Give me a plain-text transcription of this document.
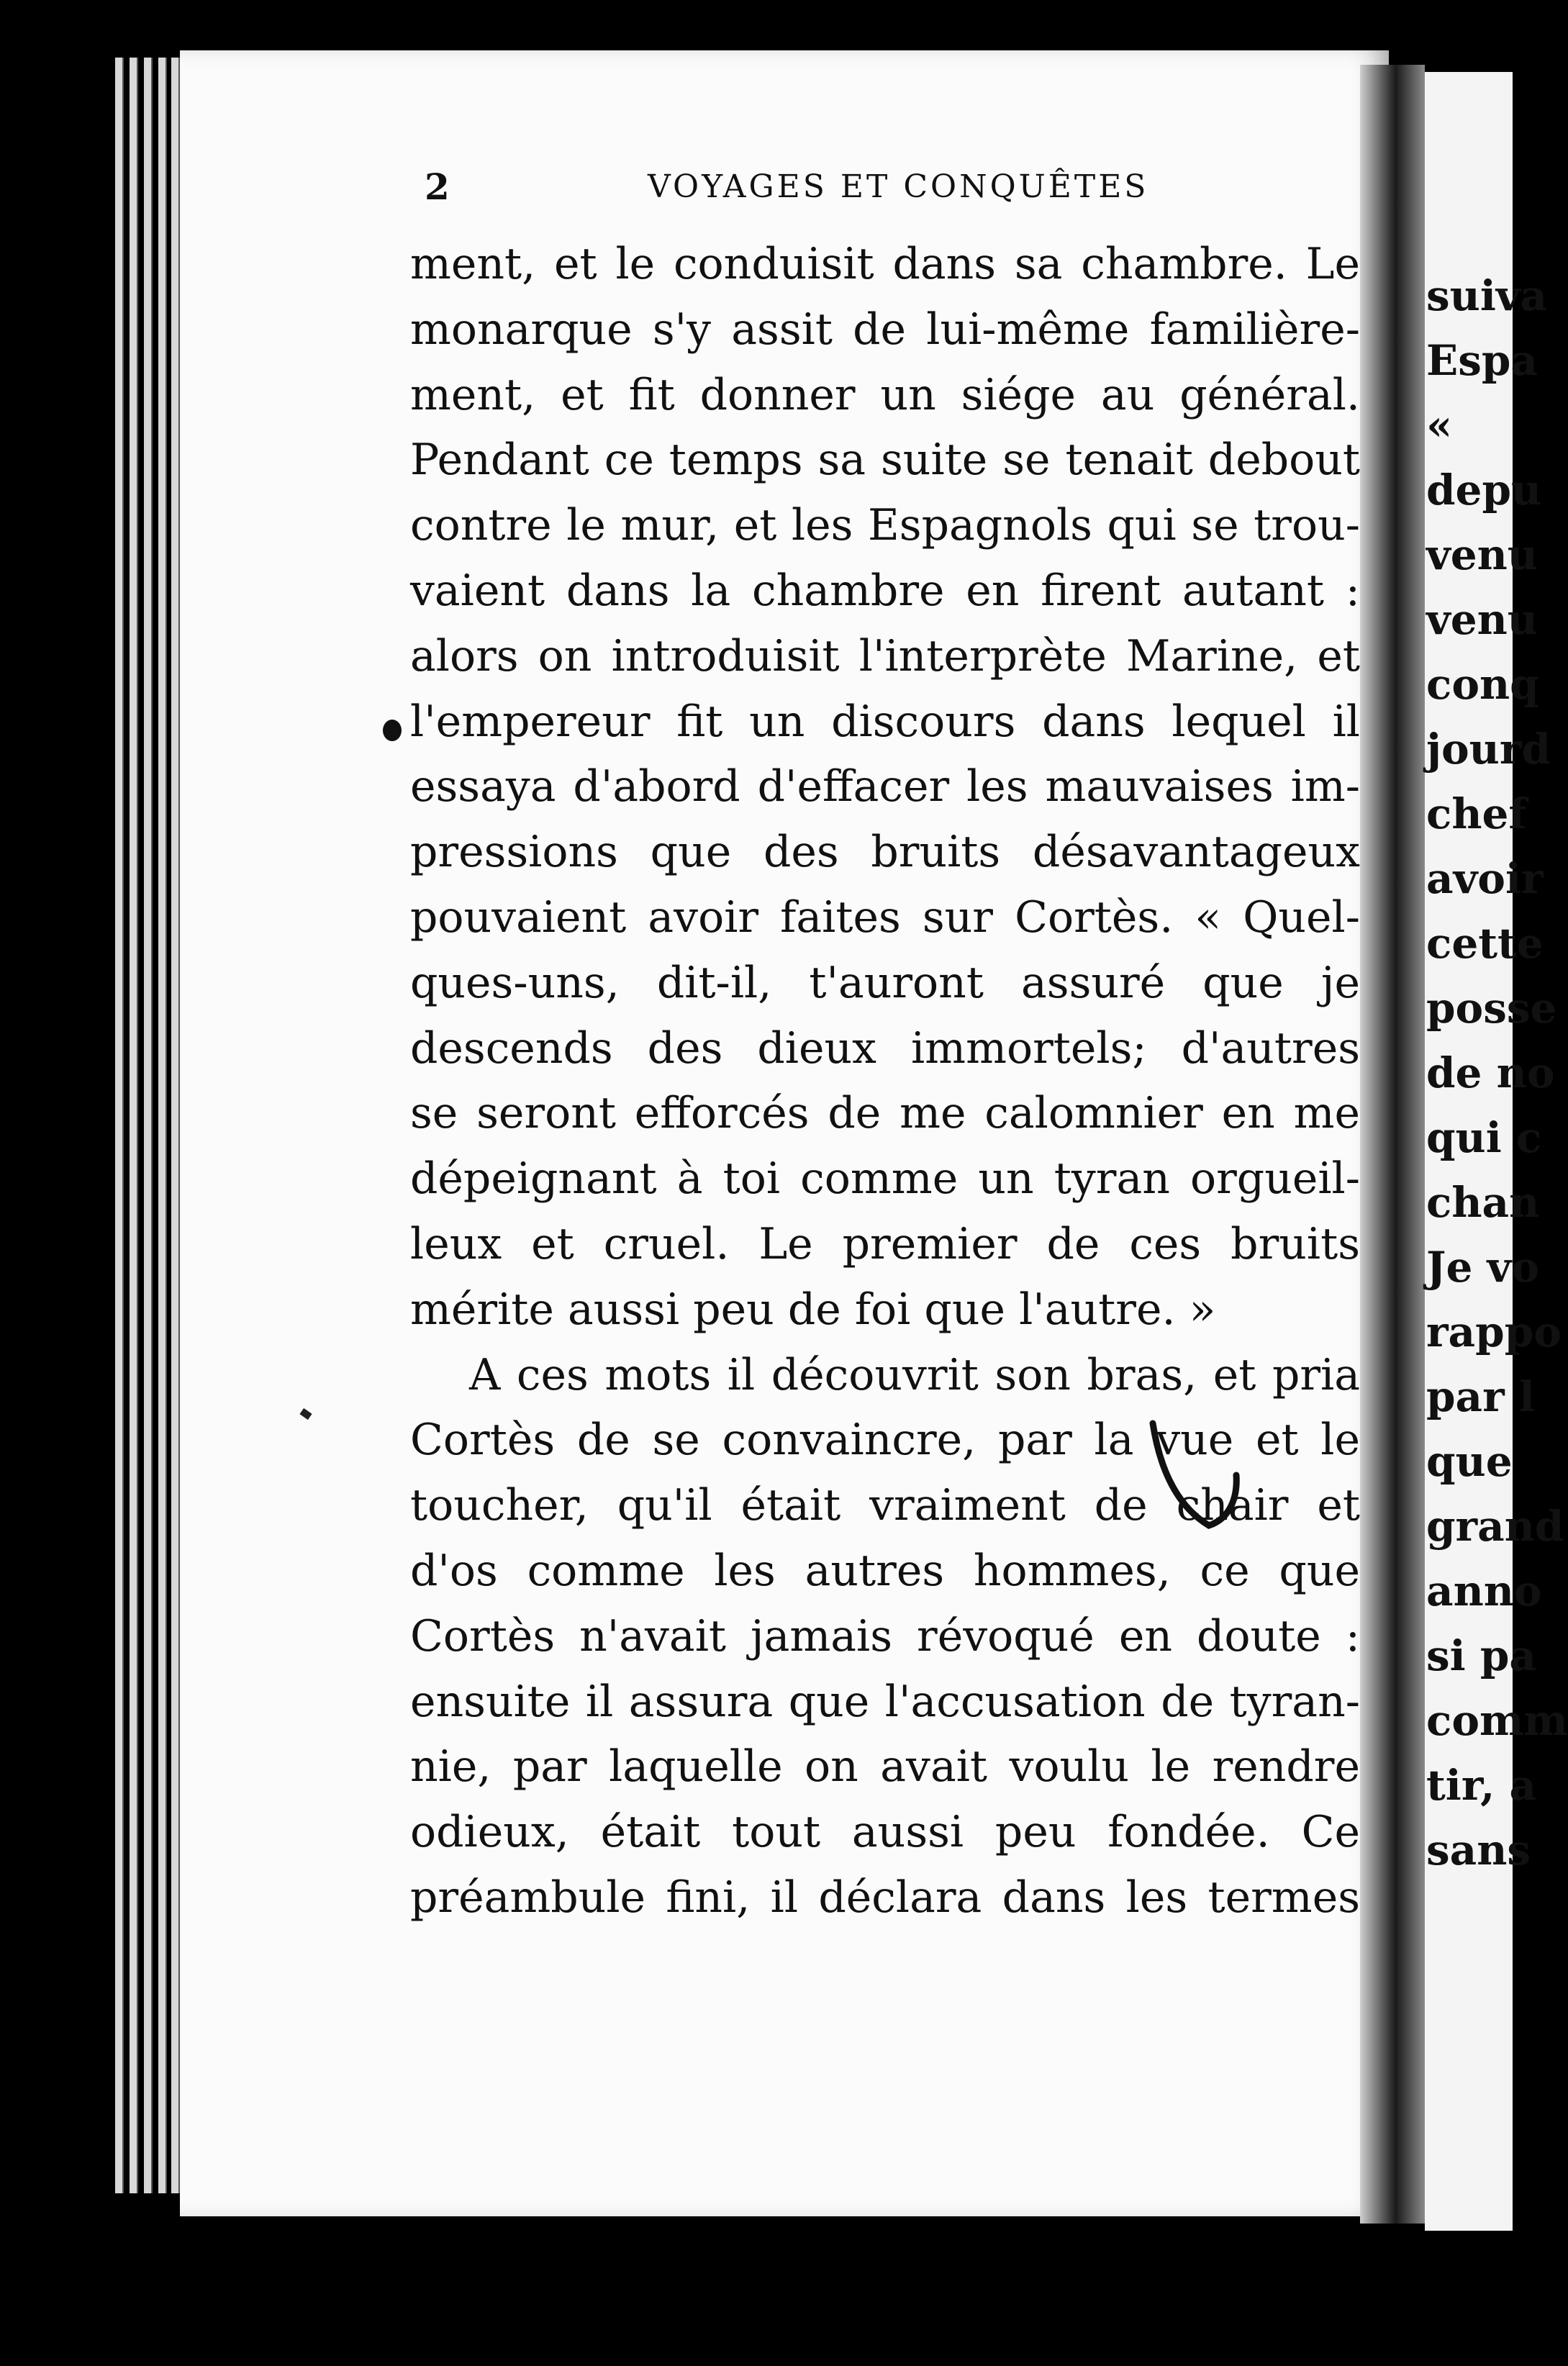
2	VOYAGES ET CONQUÊTES
ment, et le conduisit dans sa chambre. Le
monarque s'y assit de lui-même familière-
ment, et fit donner un siége au général.
Pendant ce temps sa suite se tenait debout
contre le mur, et les Espagnols qui se trou-
vaient dans la chambre en firent autant :
alors on introduisit l'interprète Marine, et
l'empereur fit un discours dans lequel il
essaya d'abord d'effacer les mauvaises im-
pressions que des bruits désavantageux
pouvaient avoir faites sur Cortès. « Quel-
ques-uns, dit-il, t'auront assuré que je
descends des dieux immortels; d'autres
se seront efforcés de me calomnier en me
dépeignant à toi comme un tyran orgueil-
leux et cruel. Le premier de ces bruits
mérite aussi peu de foi que l'autre. »
A ces mots il découvrit son bras, et pria
Cortès de se convaincre, par la vue et le
toucher, qu'il était vraiment de chair et
d'os comme les autres hommes, ce que
Cortès n'avait jamais révoqué en doute :
ensuite il assura que l'accusation de tyran-
nie, par laquelle on avait voulu le rendre
odieux, était tout aussi peu fondée. Ce
préambule fini, il déclara dans les termes
suiva
Espa
«
depu
venu
venu
conq
jourd
chef
avoir
cette
posse
de no
qui c
chan
Je vo
rappo
par l
que
grand
anno
si pa
comm
tir, a
sans
